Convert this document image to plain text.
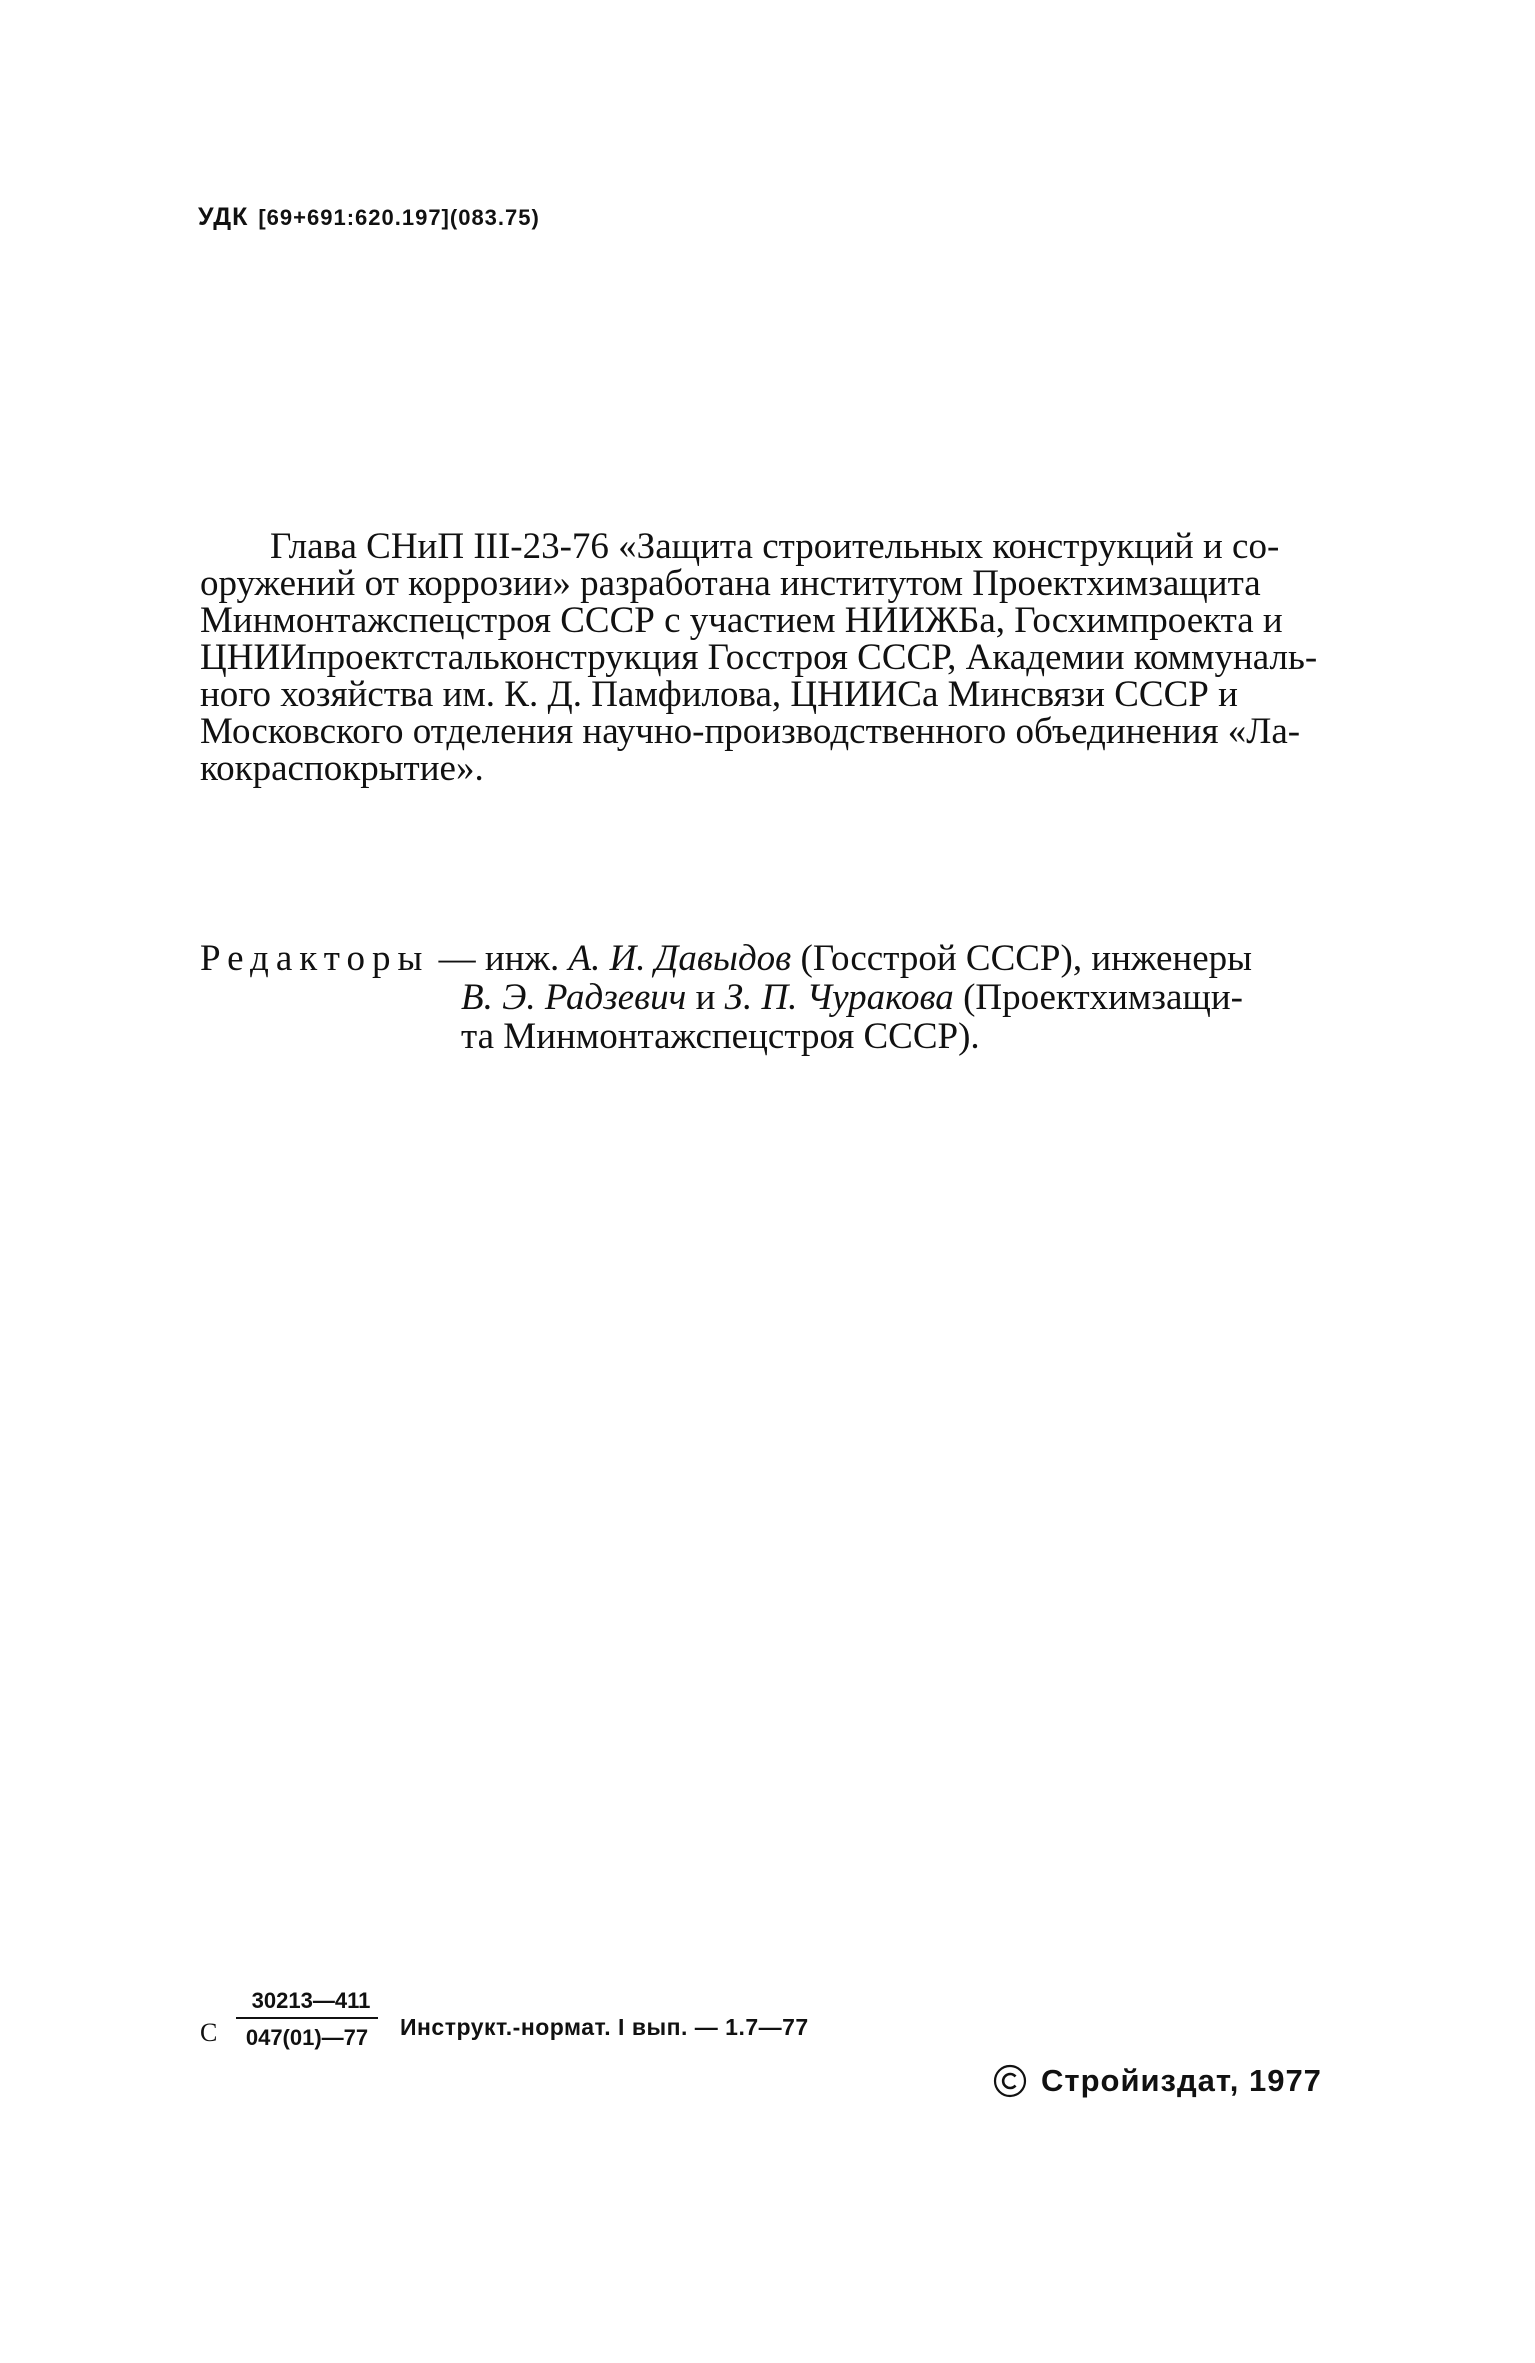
УДК [69+691:620.197](083.75)
Глава СНиП III-23-76 «Защита строительных конструкций и со-
оружений от коррозии» разработана институтом Проектхимзащита
Минмонтажспецстроя СССР с участием НИИЖБа, Госхимпроекта и
ЦНИИпроектстальконструкция Госстроя СССР, Академии коммуналь-
ного хозяйства им. К. Д. Памфилова, ЦНИИСа Минсвязи СССР и
Московского отделения научно-производственного объединения «Ла-
кокраспокрытие».
Редакторы — инж. А. И. Давыдов (Госстрой СССР), инженеры
В. Э. Радзевич и З. П. Чуракова (Проектхимзащи-
та Минмонтажспецстроя СССР).
С
30213—411
047(01)—77	Инструкт.-нормат. I вып. — 1.7—77
Стройиздат, 1977
